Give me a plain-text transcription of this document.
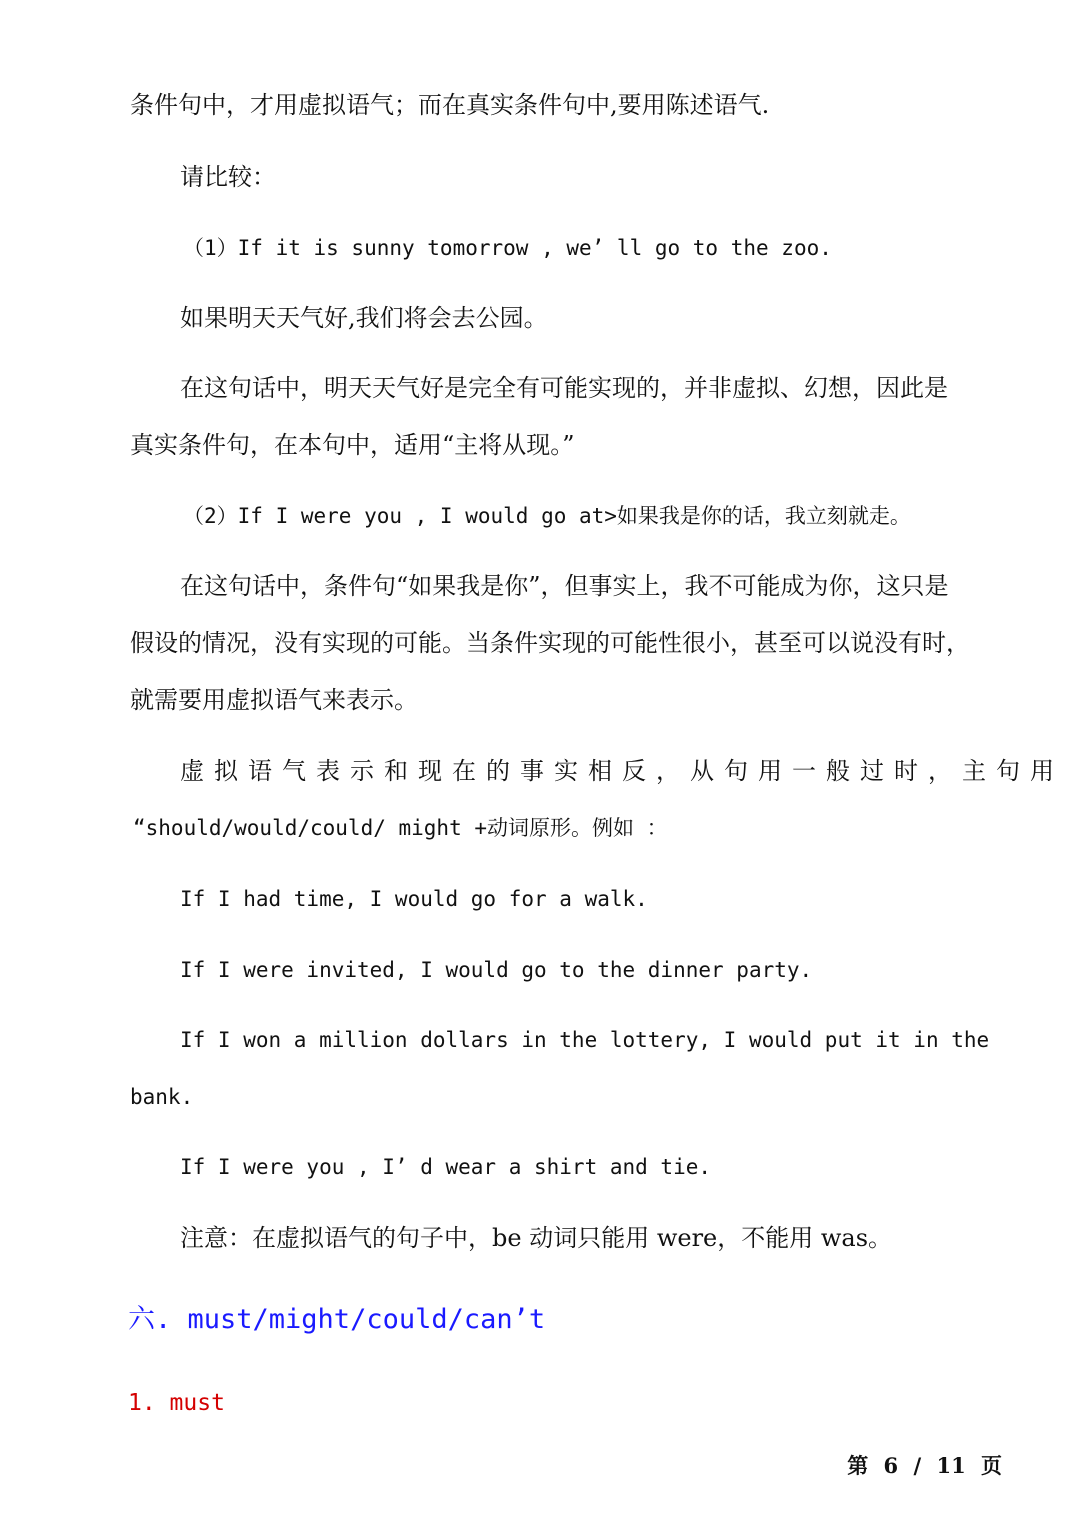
条件句中，才用虚拟语气；而在真实条件句中,要用陈述语气.
请比较：
（1）If it is sunny tomorrow , we’ ll go to the zoo.
如果明天天气好,我们将会去公园。
在这句话中，明天天气好是完全有可能实现的，并非虚拟、幻想，因此是
真实条件句，在本句中，适用“主将从现。”
（2）If I were you , I would go at>如果我是你的话，我立刻就走。
在这句话中，条件句“如果我是你”，但事实上，我不可能成为你，这只是
假设的情况，没有实现的可能。当条件实现的可能性很小，甚至可以说没有时，
就需要用虚拟语气来表示。
虚拟语气表示和现在的事实相反，从句用一般过时，主句用
“should/would/could/ might +动词原形。例如 ：
If I had time, I would go for a walk.
If I were invited, I would go to the dinner party.
If I won a million dollars in the lottery, I would put it in the
bank.
If I were you , I’ d wear a shirt and tie.
注意：在虚拟语气的句子中，be 动词只能用 were，不能用 was。
六. must/might/could/can’t
1. must
第 6 / 11 页
